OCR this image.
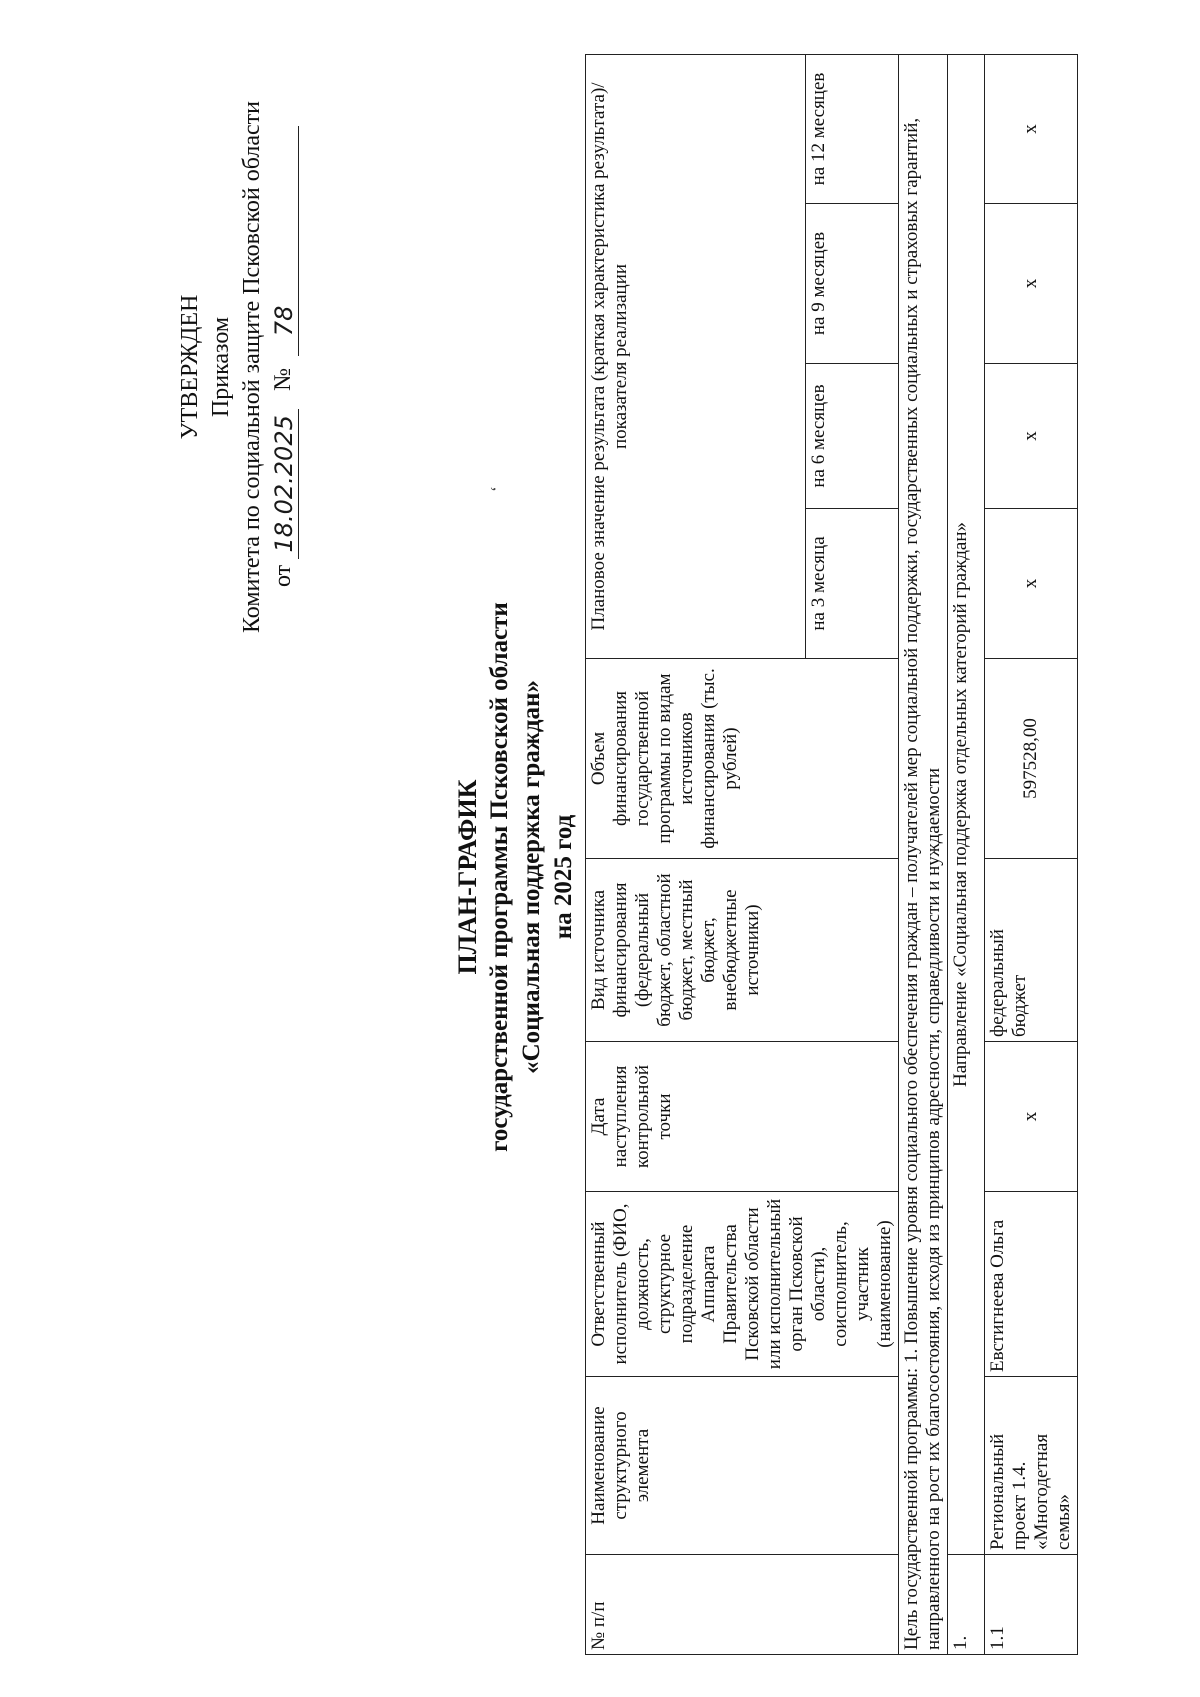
УТВЕРЖДЕН Приказом Комитета по социальной защите Псковской области от 18.02.2025 № 78
ПЛАН-ГРАФИК государственной программы Псковской области «Социальная поддержка граждан» на 2025 год
‘
№ п/п	Наименование структурного элемента	Ответственный исполнитель (ФИО, должность, структурное подразделение Аппарата Правительства Псковской области или исполнительный орган Псковской области), соисполнитель, участник (наименование)	Дата наступления контрольной точки	Вид источника финансирования (федеральный бюджет, областной бюджет, местный бюджет, внебюджетные источники)	Объем финансирования государственной программы по видам источников финансирования (тыс. рублей)	Плановое значение результата (краткая характеристика результата)/показателя реализации			
						на 3 месяца	на 6 месяцев	на 9 месяцев	на 12 месяцев
Цель государственной программы: 1. Повышение уровня социального обеспечения граждан – получателей мер социальной поддержки, государственных социальных и страховых гарантий, направленного на рост их благосостояния, исходя из принципов адресности, справедливости и нуждаемости									
1.	Направление «Социальная поддержка отдельных категорий граждан»								
1.1	Региональный проект 1.4. «Многодетная семья»	Евстигнеева Ольга	х	федеральный бюджет	597528,00	х	х	х	х
